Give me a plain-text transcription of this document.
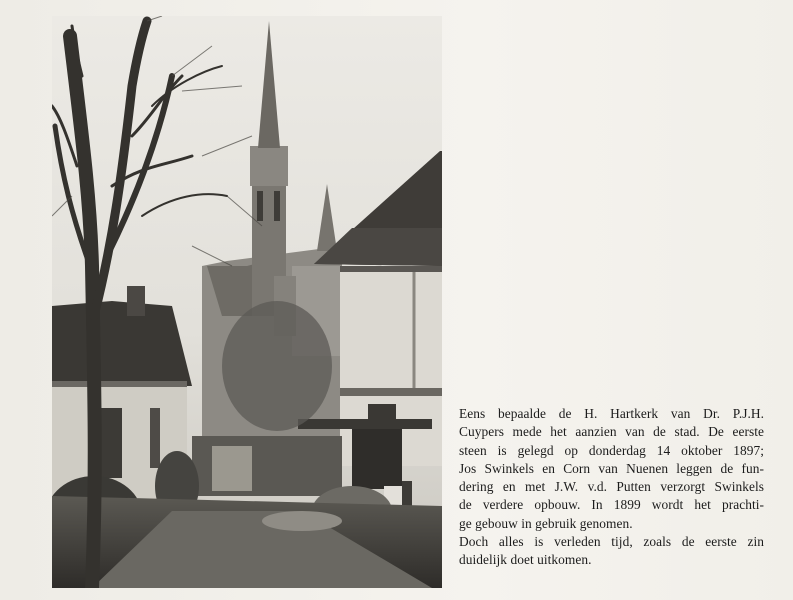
Eens bepaalde de H. Hartkerk van Dr. P.J.H.
Cuypers mede het aanzien van de stad. De eerste
steen is gelegd op donderdag 14 oktober 1897;
Jos Swinkels en Corn van Nuenen leggen de fun-
dering en met J.W. v.d. Putten verzorgt Swinkels
de verdere opbouw. In 1899 wordt het prachti-
ge gebouw in gebruik genomen.
Doch alles is verleden tijd, zoals de eerste zin
duidelijk doet uitkomen.
